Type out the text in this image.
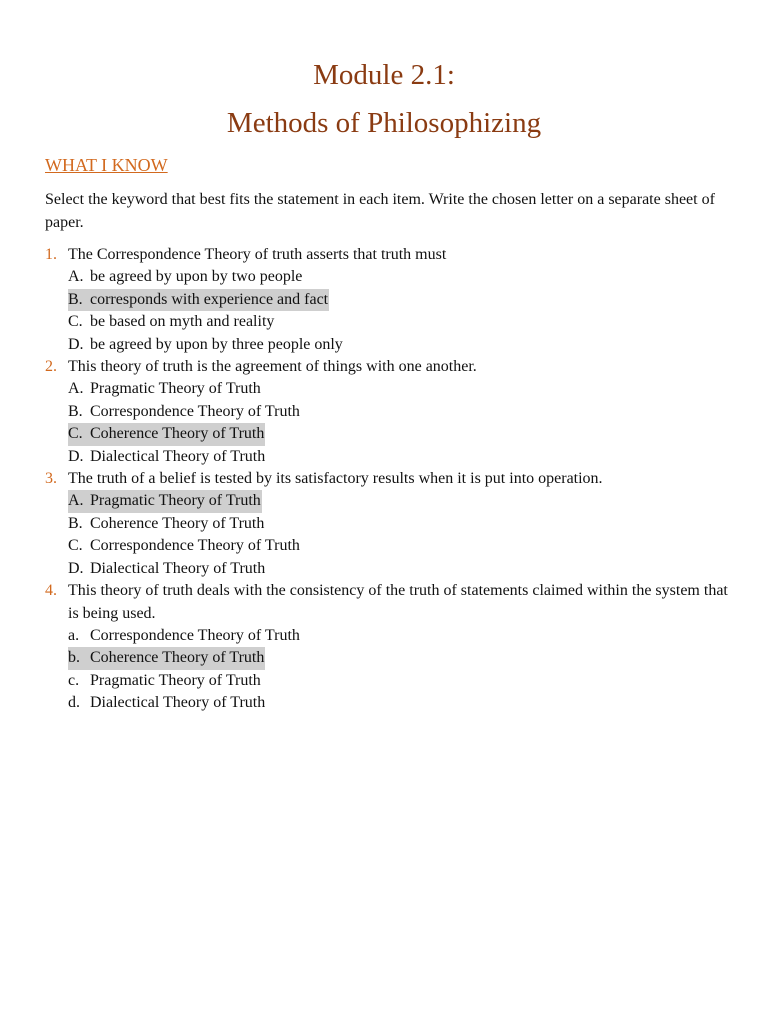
Module 2.1:
Methods of Philosophizing
WHAT I KNOW

Select the keyword that best fits the statement in each item. Write the chosen letter on a separate sheet of paper.

1. The Correspondence Theory of truth asserts that truth must
A. be agreed by upon by two people
B. corresponds with experience and fact
C. be based on myth and reality
D. be agreed by upon by three people only
2. This theory of truth is the agreement of things with one another.
A. Pragmatic Theory of Truth
B. Correspondence Theory of Truth
C. Coherence Theory of Truth
D. Dialectical Theory of Truth
3. The truth of a belief is tested by its satisfactory results when it is put into operation.
A. Pragmatic Theory of Truth
B. Coherence Theory of Truth
C. Correspondence Theory of Truth
D. Dialectical Theory of Truth
4. This theory of truth deals with the consistency of the truth of statements claimed within the system that is being used.
a. Correspondence Theory of Truth
b. Coherence Theory of Truth
c. Pragmatic Theory of Truth
d. Dialectical Theory of Truth
